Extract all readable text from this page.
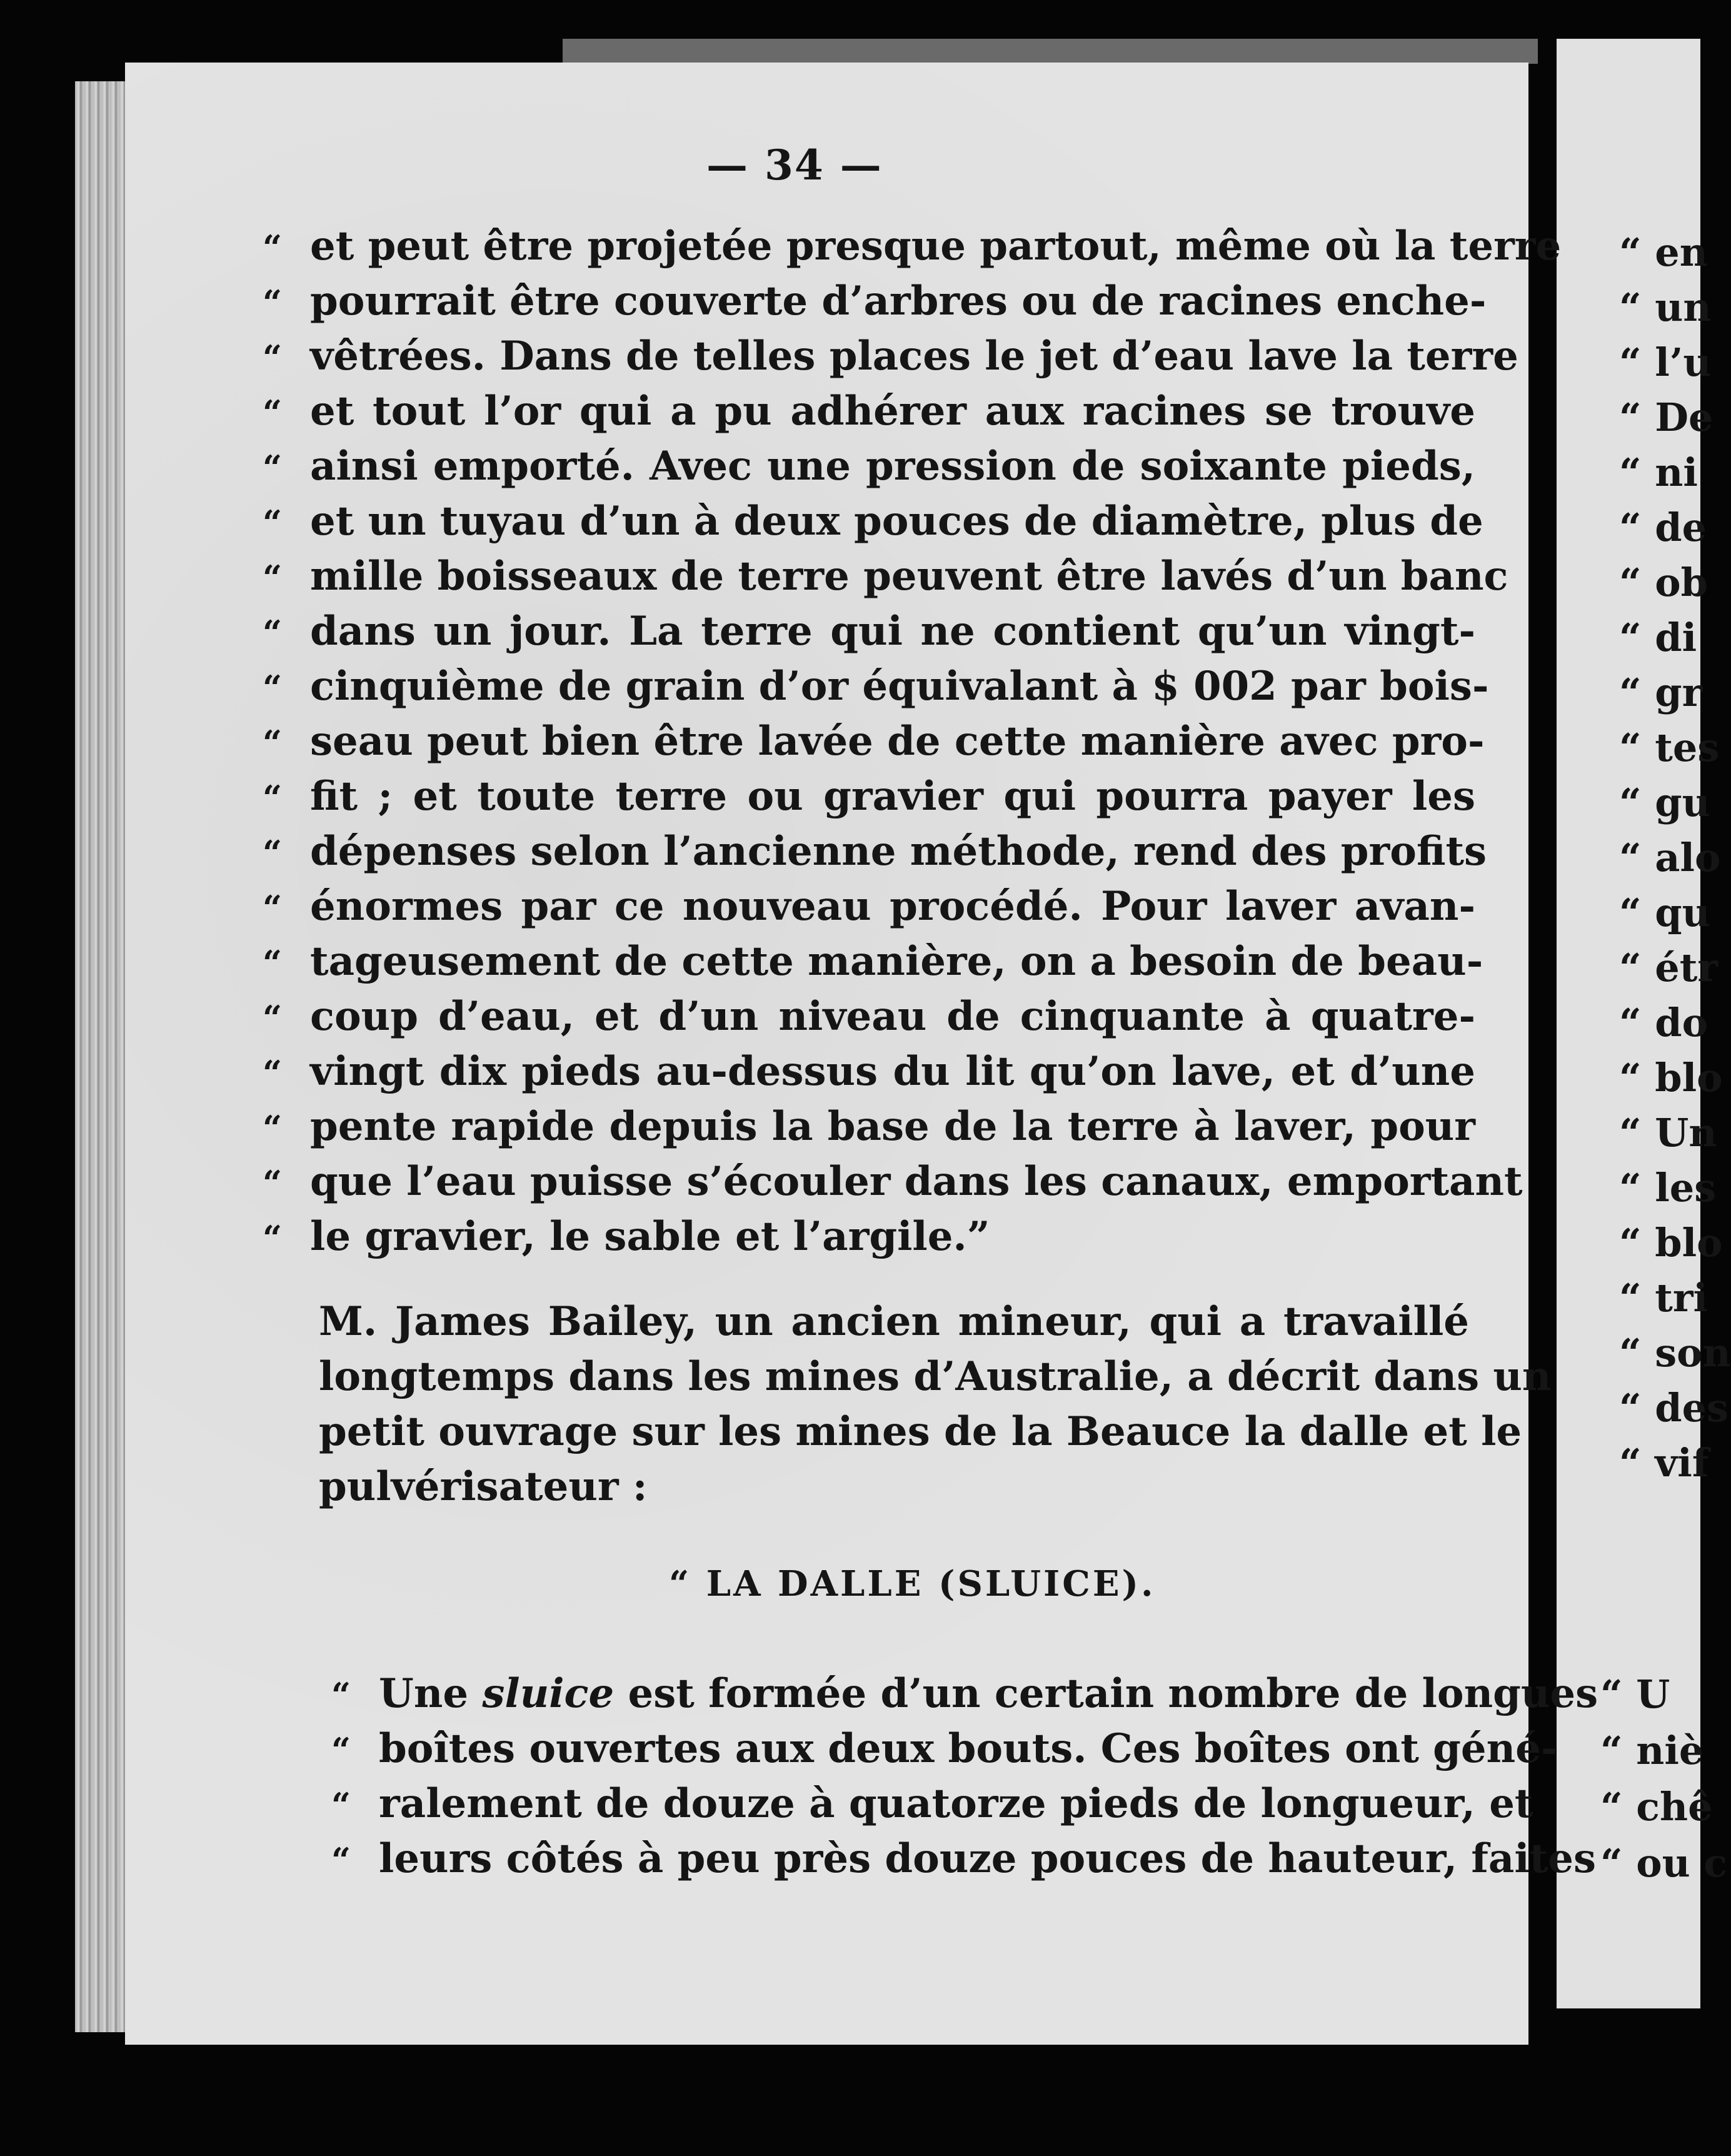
“ en
“ un
“ l’u
“ De
“ ni
“ de
“ ob
“ di
“ gr
“ tes
“ gu
“ alo
“ qu
“ étr
“ do
“ blo
“ Un
“ les
“ blo
“ tri
“ son
“ des
“ vif
“ U
“ niè
“ chê
“ ou c
— 34 —
“ et peut être projetée presque partout, même où la terre
“ pourrait être couverte d’arbres ou de racines enche-
“ vêtrées. Dans de telles places le jet d’eau lave la terre
“ et tout l’or qui a pu adhérer aux racines se trouve
“ ainsi emporté. Avec une pression de soixante pieds,
“ et un tuyau d’un à deux pouces de diamètre, plus de
“ mille boisseaux de terre peuvent être lavés d’un banc
“ dans un jour. La terre qui ne contient qu’un vingt-
“ cinquième de grain d’or équivalant à $ 002 par bois-
“ seau peut bien être lavée de cette manière avec pro-
“ fit ; et toute terre ou gravier qui pourra payer les
“ dépenses selon l’ancienne méthode, rend des profits
“ énormes par ce nouveau procédé. Pour laver avan-
“ tageusement de cette manière, on a besoin de beau-
“ coup d’eau, et d’un niveau de cinquante à quatre-
“ vingt dix pieds au-dessus du lit qu’on lave, et d’une
“ pente rapide depuis la base de la terre à laver, pour
“ que l’eau puisse s’écouler dans les canaux, emportant
“ le gravier, le sable et l’argile.”
M. James Bailey, un ancien mineur, qui a travaillé
longtemps dans les mines d’Australie, a décrit dans un
petit ouvrage sur les mines de la Beauce la dalle et le
pulvérisateur :
“ LA DALLE (SLUICE).
“ Une sluice est formée d’un certain nombre de longues
“ boîtes ouvertes aux deux bouts. Ces boîtes ont géné-
“ ralement de douze à quatorze pieds de longueur, et
“ leurs côtés à peu près douze pouces de hauteur, faites
